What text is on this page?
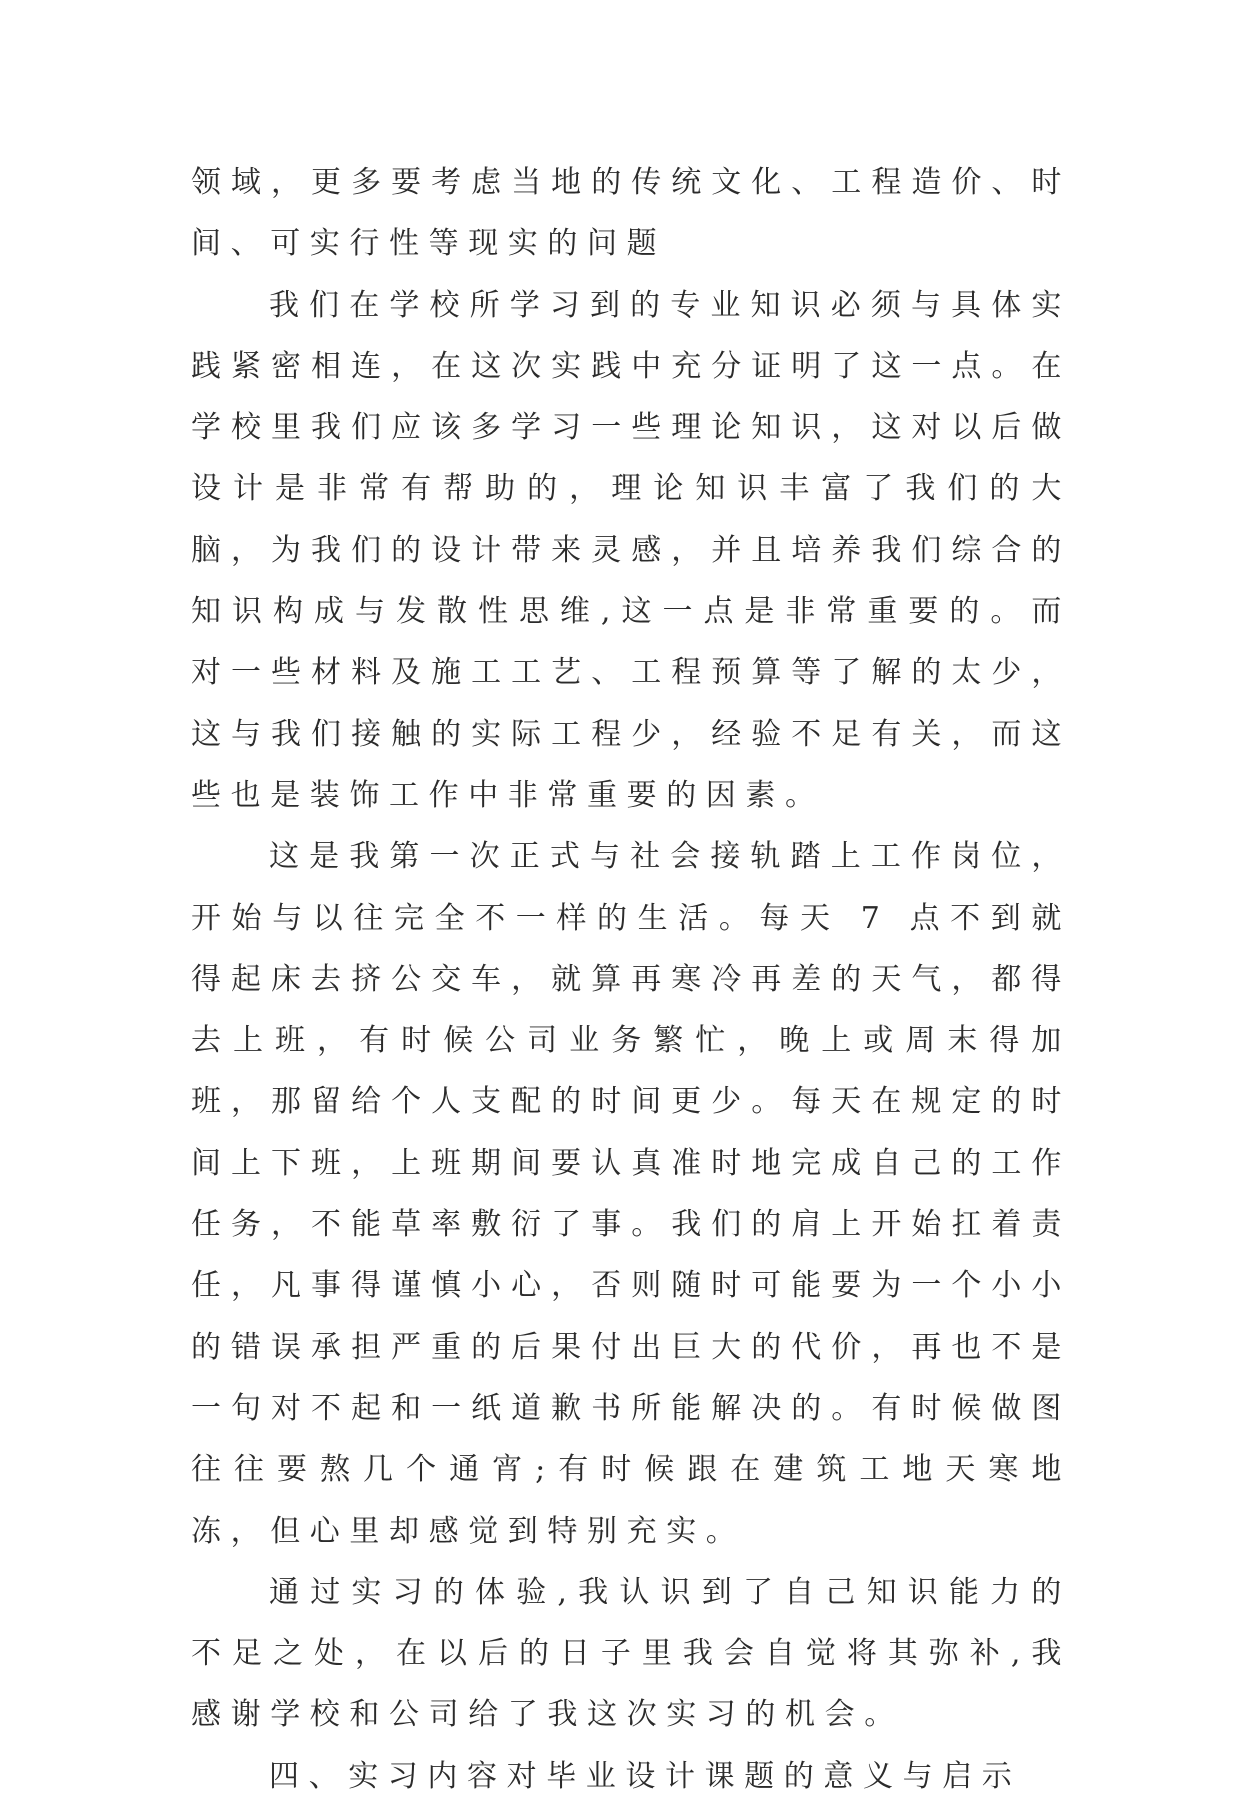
领域，更多要考虑当地的传统文化、工程造价、时间、可实行性等现实的问题

我们在学校所学习到的专业知识必须与具体实践紧密相连，在这次实践中充分证明了这一点。在学校里我们应该多学习一些理论知识，这对以后做设计是非常有帮助的，理论知识丰富了我们的大脑，为我们的设计带来灵感，并且培养我们综合的知识构成与发散性思维,这一点是非常重要的。而对一些材料及施工工艺、工程预算等了解的太少，这与我们接触的实际工程少，经验不足有关，而这些也是装饰工作中非常重要的因素。

这是我第一次正式与社会接轨踏上工作岗位，开始与以往完全不一样的生活。每天 7 点不到就得起床去挤公交车，就算再寒冷再差的天气，都得去上班，有时候公司业务繁忙，晚上或周末得加班，那留给个人支配的时间更少。每天在规定的时间上下班，上班期间要认真准时地完成自己的工作任务，不能草率敷衍了事。我们的肩上开始扛着责任，凡事得谨慎小心，否则随时可能要为一个小小的错误承担严重的后果付出巨大的代价，再也不是一句对不起和一纸道歉书所能解决的。有时候做图往往要熬几个通宵;有时候跟在建筑工地天寒地冻，但心里却感觉到特别充实。

通过实习的体验,我认识到了自己知识能力的不足之处，在以后的日子里我会自觉将其弥补,我感谢学校和公司给了我这次实习的机会。

四、实习内容对毕业设计课题的意义与启示
